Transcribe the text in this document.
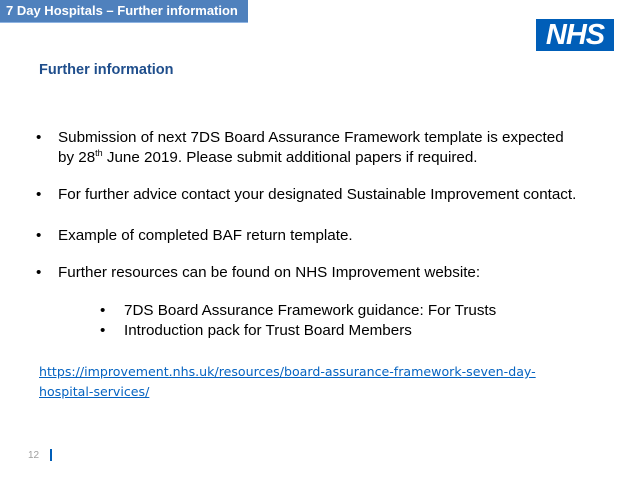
7 Day Hospitals – Further information
NHS
Further information
• Submission of next 7DS Board Assurance Framework template is expected
by 28th June 2019. Please submit additional papers if required.
• For further advice contact your designated Sustainable Improvement contact.
• Example of completed BAF return template.
• Further resources can be found on NHS Improvement website:
• 7DS Board Assurance Framework guidance: For Trusts
• Introduction pack for Trust Board Members
https://improvement.nhs.uk/resources/board-assurance-framework-seven-day-
hospital-services/
12
